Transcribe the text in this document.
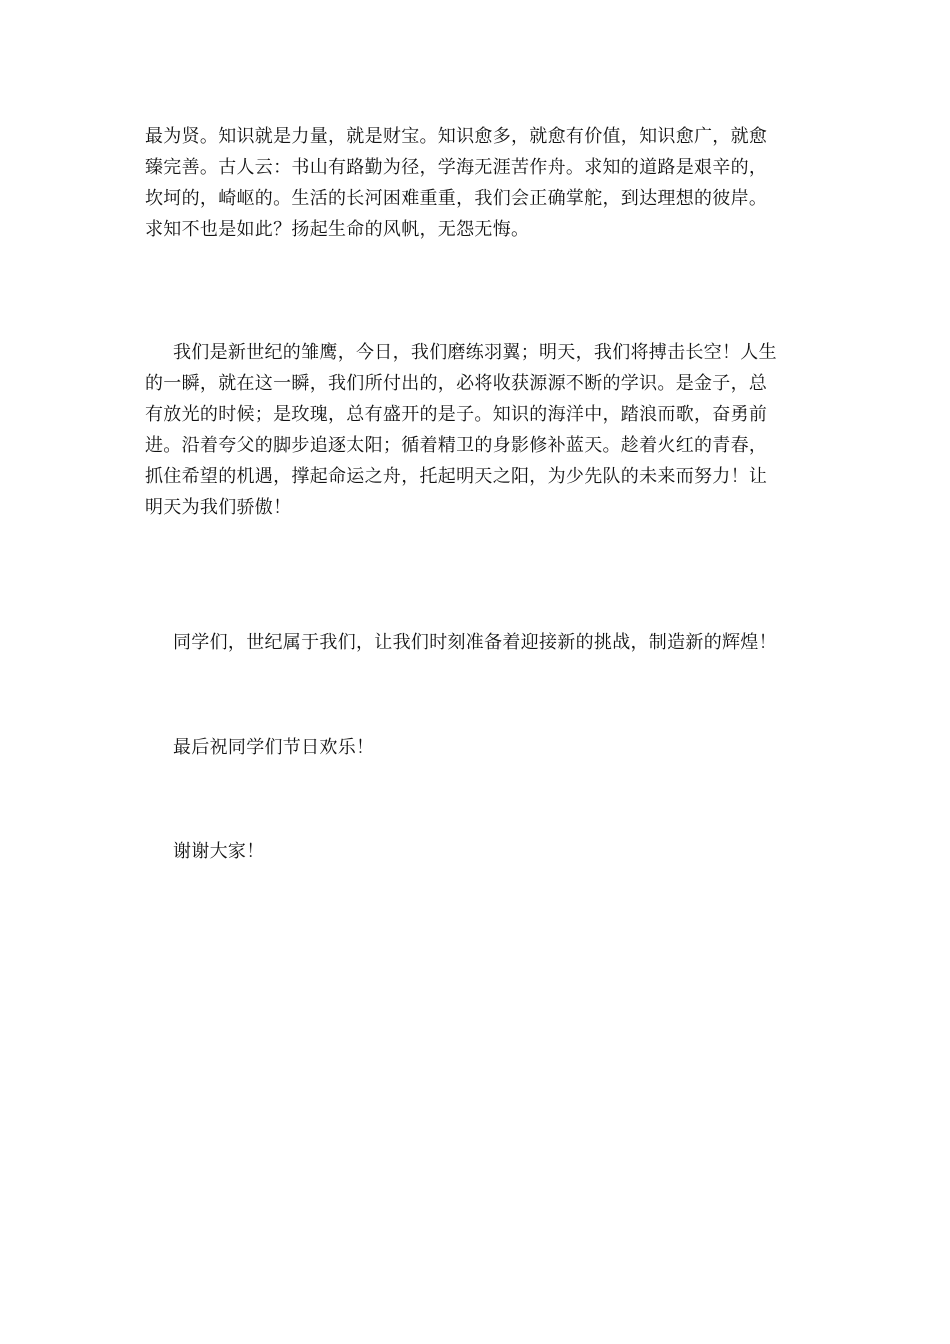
最为贤。知识就是力量，就是财宝。知识愈多，就愈有价值，知识愈广，就愈
臻完善。古人云：书山有路勤为径，学海无涯苦作舟。求知的道路是艰辛的，
坎坷的，崎岖的。生活的长河困难重重，我们会正确掌舵，到达理想的彼岸。
求知不也是如此？扬起生命的风帆，无怨无悔。

我们是新世纪的雏鹰，今日，我们磨练羽翼；明天，我们将搏击长空！人生
的一瞬，就在这一瞬，我们所付出的，必将收获源源不断的学识。是金子，总
有放光的时候；是玫瑰，总有盛开的是子。知识的海洋中，踏浪而歌，奋勇前
进。沿着夸父的脚步追逐太阳；循着精卫的身影修补蓝天。趁着火红的青春，
抓住希望的机遇，撑起命运之舟，托起明天之阳，为少先队的未来而努力！让
明天为我们骄傲！

同学们，世纪属于我们，让我们时刻准备着迎接新的挑战，制造新的辉煌！

最后祝同学们节日欢乐！

谢谢大家！
